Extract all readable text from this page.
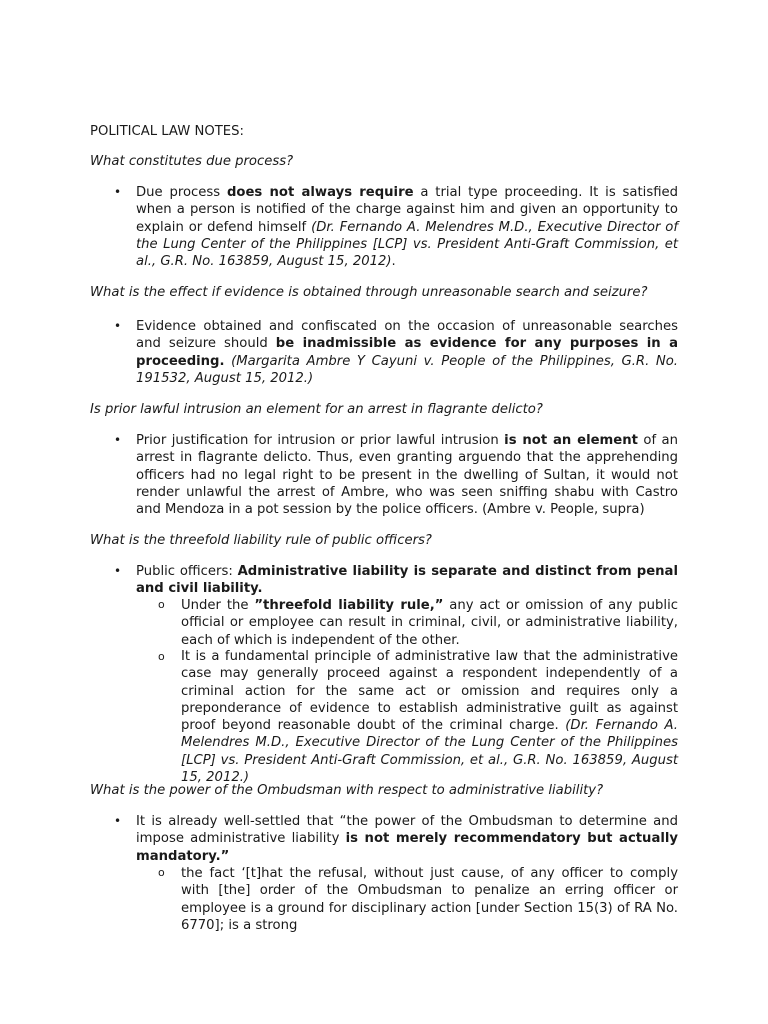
POLITICAL LAW NOTES:

What constitutes due process?

• Due process does not always require a trial type proceeding. It is satisfied when a person is notified of the charge against him and given an opportunity to explain or defend himself (Dr. Fernando A. Melendres M.D., Executive Director of the Lung Center of the Philippines [LCP] vs. President Anti-Graft Commission, et al., G.R. No. 163859, August 15, 2012).

What is the effect if evidence is obtained through unreasonable search and seizure?

• Evidence obtained and confiscated on the occasion of unreasonable searches and seizure should be inadmissible as evidence for any purposes in a proceeding. (Margarita Ambre Y Cayuni v. People of the Philippines, G.R. No. 191532, August 15, 2012.)

Is prior lawful intrusion an element for an arrest in flagrante delicto?

• Prior justification for intrusion or prior lawful intrusion is not an element of an arrest in flagrante delicto. Thus, even granting arguendo that the apprehending officers had no legal right to be present in the dwelling of Sultan, it would not render unlawful the arrest of Ambre, who was seen sniffing shabu with Castro and Mendoza in a pot session by the police officers. (Ambre v. People, supra)

What is the threefold liability rule of public officers?

• Public officers: Administrative liability is separate and distinct from penal and civil liability.

o Under the ”threefold liability rule,” any act or omission of any public official or employee can result in criminal, civil, or administrative liability, each of which is independent of the other.

o It is a fundamental principle of administrative law that the administrative case may generally proceed against a respondent independently of a criminal action for the same act or omission and requires only a preponderance of evidence to establish administrative guilt as against proof beyond reasonable doubt of the criminal charge. (Dr. Fernando A. Melendres M.D., Executive Director of the Lung Center of the Philippines [LCP] vs. President Anti-Graft Commission, et al., G.R. No. 163859, August 15, 2012.)

What is the power of the Ombudsman with respect to administrative liability?

• It is already well-settled that “the power of the Ombudsman to determine and impose administrative liability is not merely recommendatory but actually mandatory.”

o the fact ‘[t]hat the refusal, without just cause, of any officer to comply with [the] order of the Ombudsman to penalize an erring officer or employee is a ground for disciplinary action [under Section 15(3) of RA No. 6770]; is a strong
